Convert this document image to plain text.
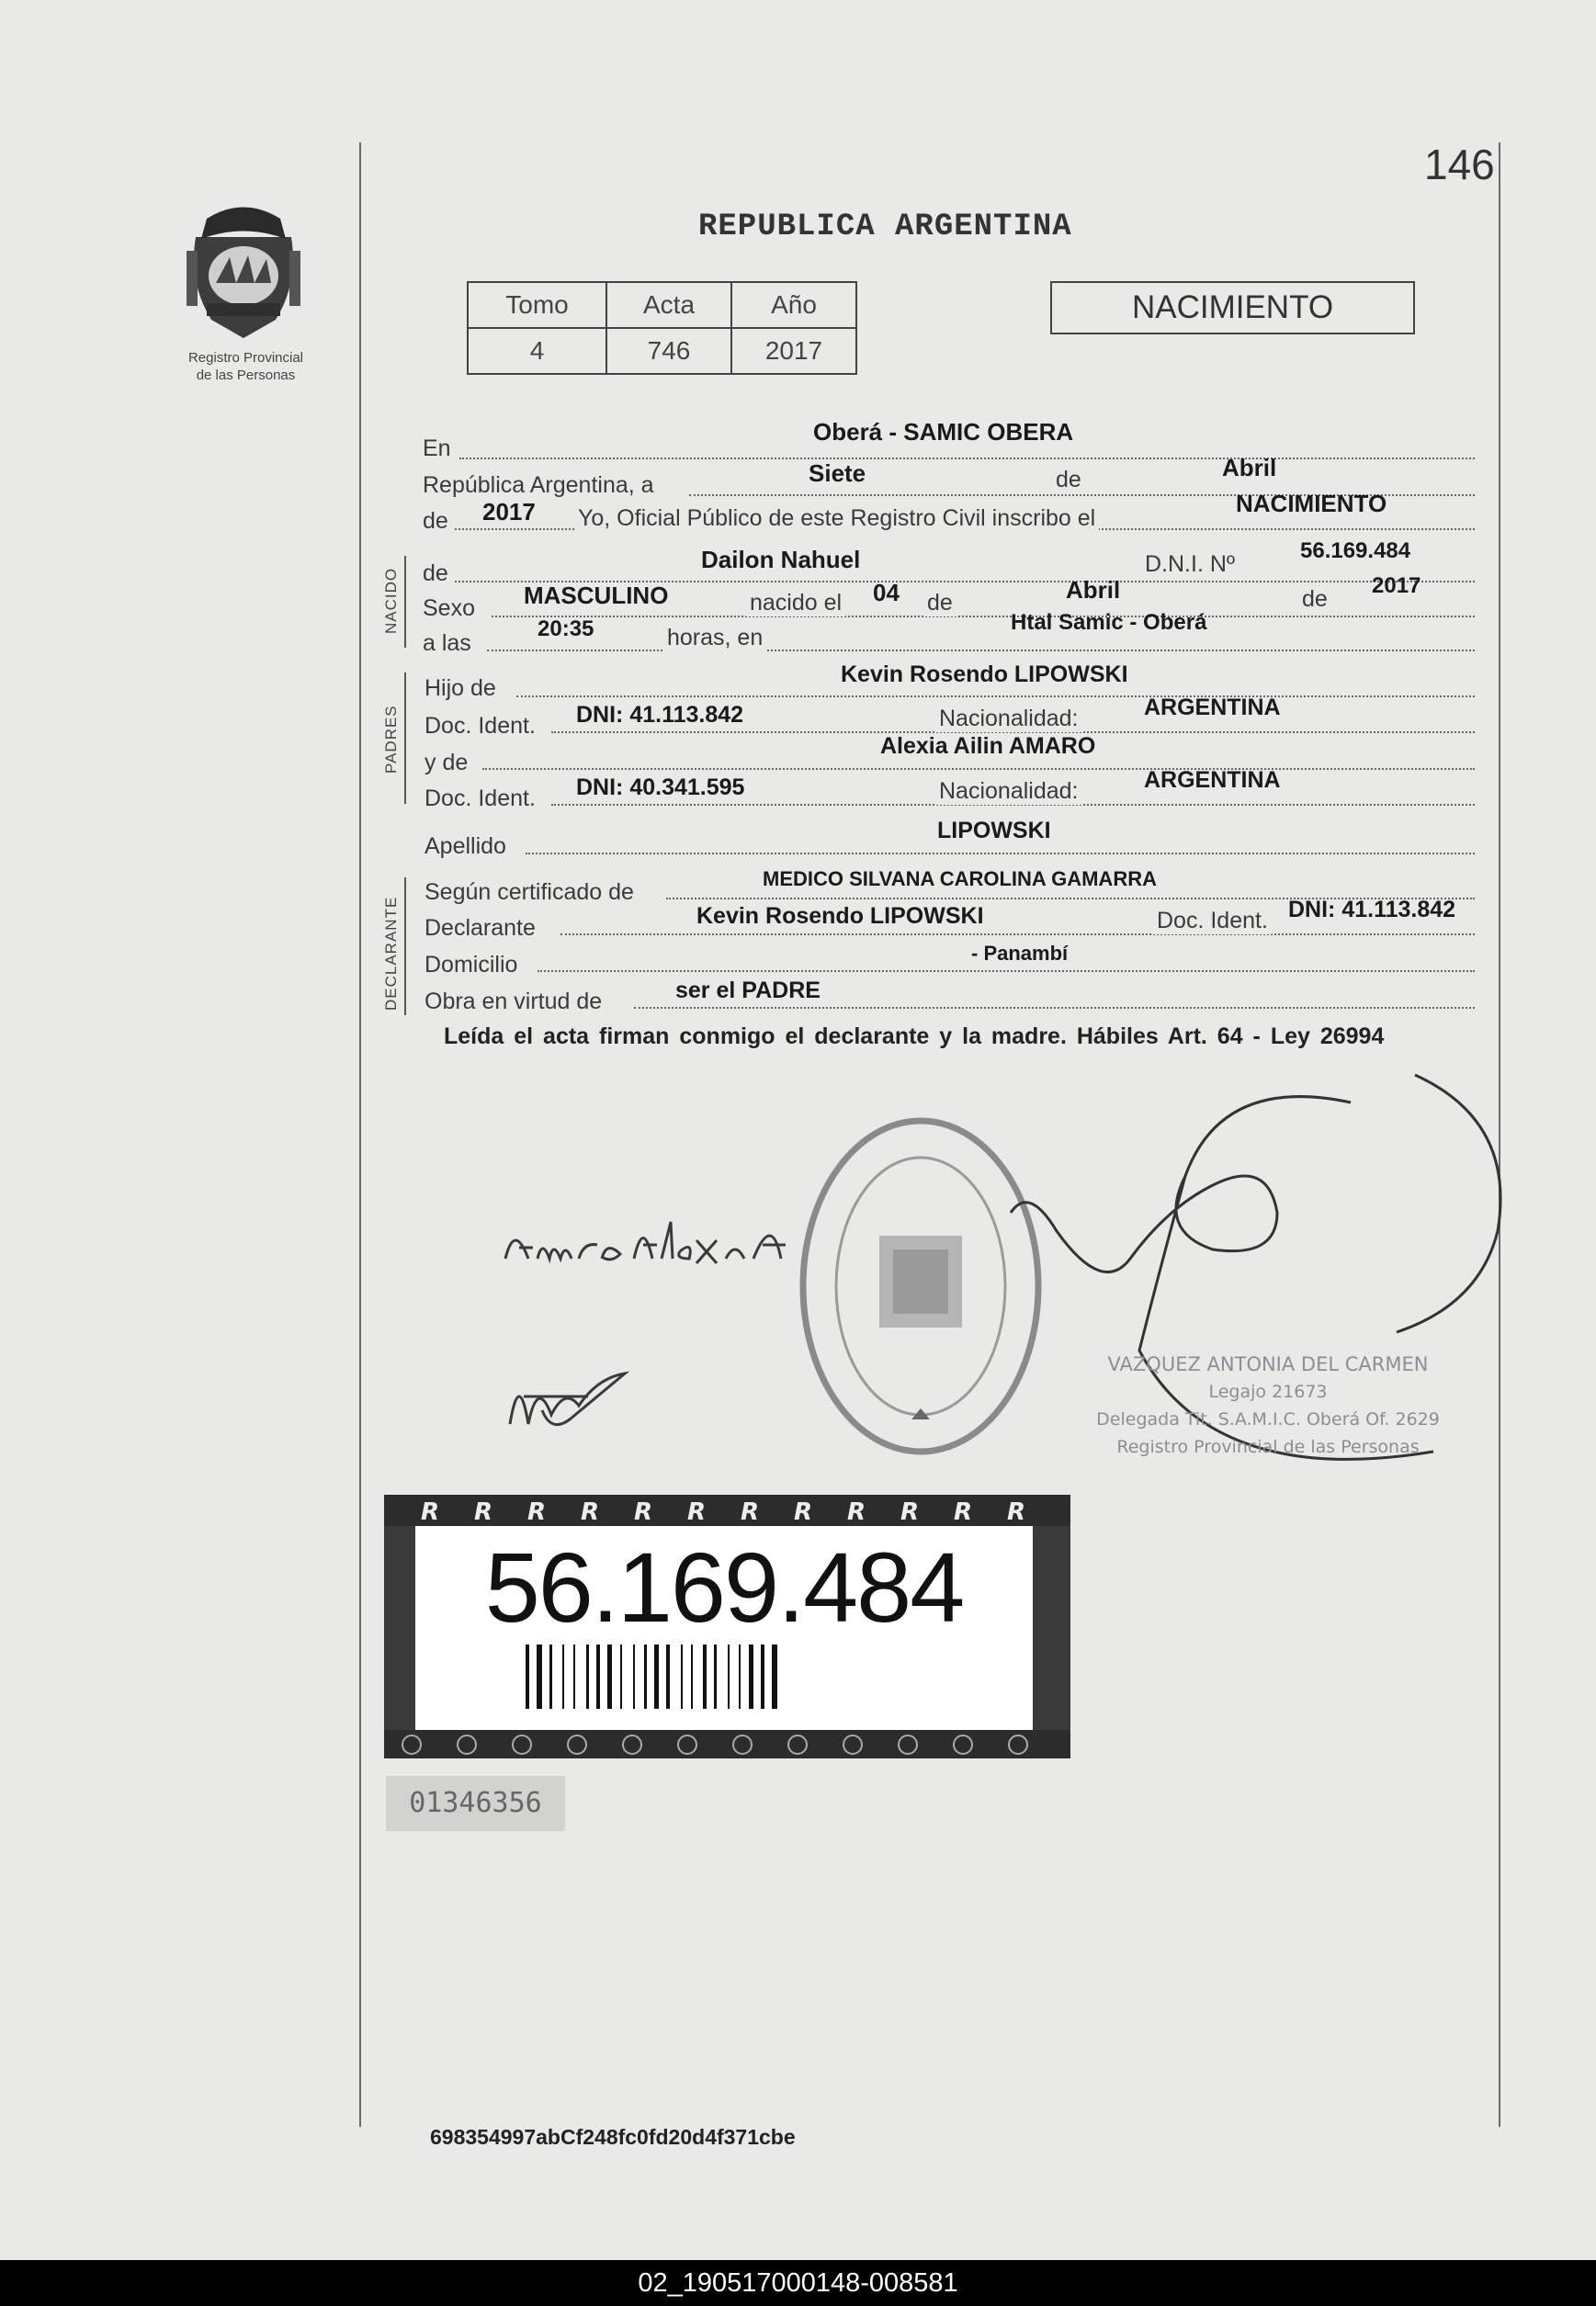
146
REPUBLICA ARGENTINA
Registro Provincial
de las Personas
Tomo	Acta	Año
4	746	2017
NACIMIENTO
En
Oberá - SAMIC OBERA
República Argentina, a	Siete	de	Abril
de 2017 Yo, Oficial Público de este Registro Civil inscribo el
NACIMIENTO
NACIDO de	Dailon Nahuel	D.N.I. Nº
56.169.484
Sexo MASCULINO	nacido el 04 de	Abril	de
2017
a las
20:35	horas, en
Htal Samic - Oberá
PADRES
Hijo de
Kevin Rosendo LIPOWSKI
Doc. Ident. DNI: 41.113.842	Nacionalidad:	ARGENTINA
y de
Alexia Ailin AMARO
Doc. Ident. DNI: 40.341.595	Nacionalidad:	ARGENTINA
Apellido
LIPOWSKI
DECLARANTE
Según certificado de
MEDICO SILVANA CAROLINA GAMARRA
Declarante	Kevin Rosendo LIPOWSKI	Doc. Ident. DNI: 41.113.842
Domicilio	- Panambí
Obra en virtud de	ser el PADRE
Leída el acta firman conmigo el declarante y la madre. Hábiles Art. 64 - Ley 26994
VAZQUEZ ANTONIA DEL CARMEN
Legajo 21673
Delegada Tit. S.A.M.I.C. Oberá Of. 2629
Registro Provincial de las Personas
R R R R R R R R R R R R
56.169.484
01346356
698354997abCf248fc0fd20d4f371cbe
02_190517000148-008581
